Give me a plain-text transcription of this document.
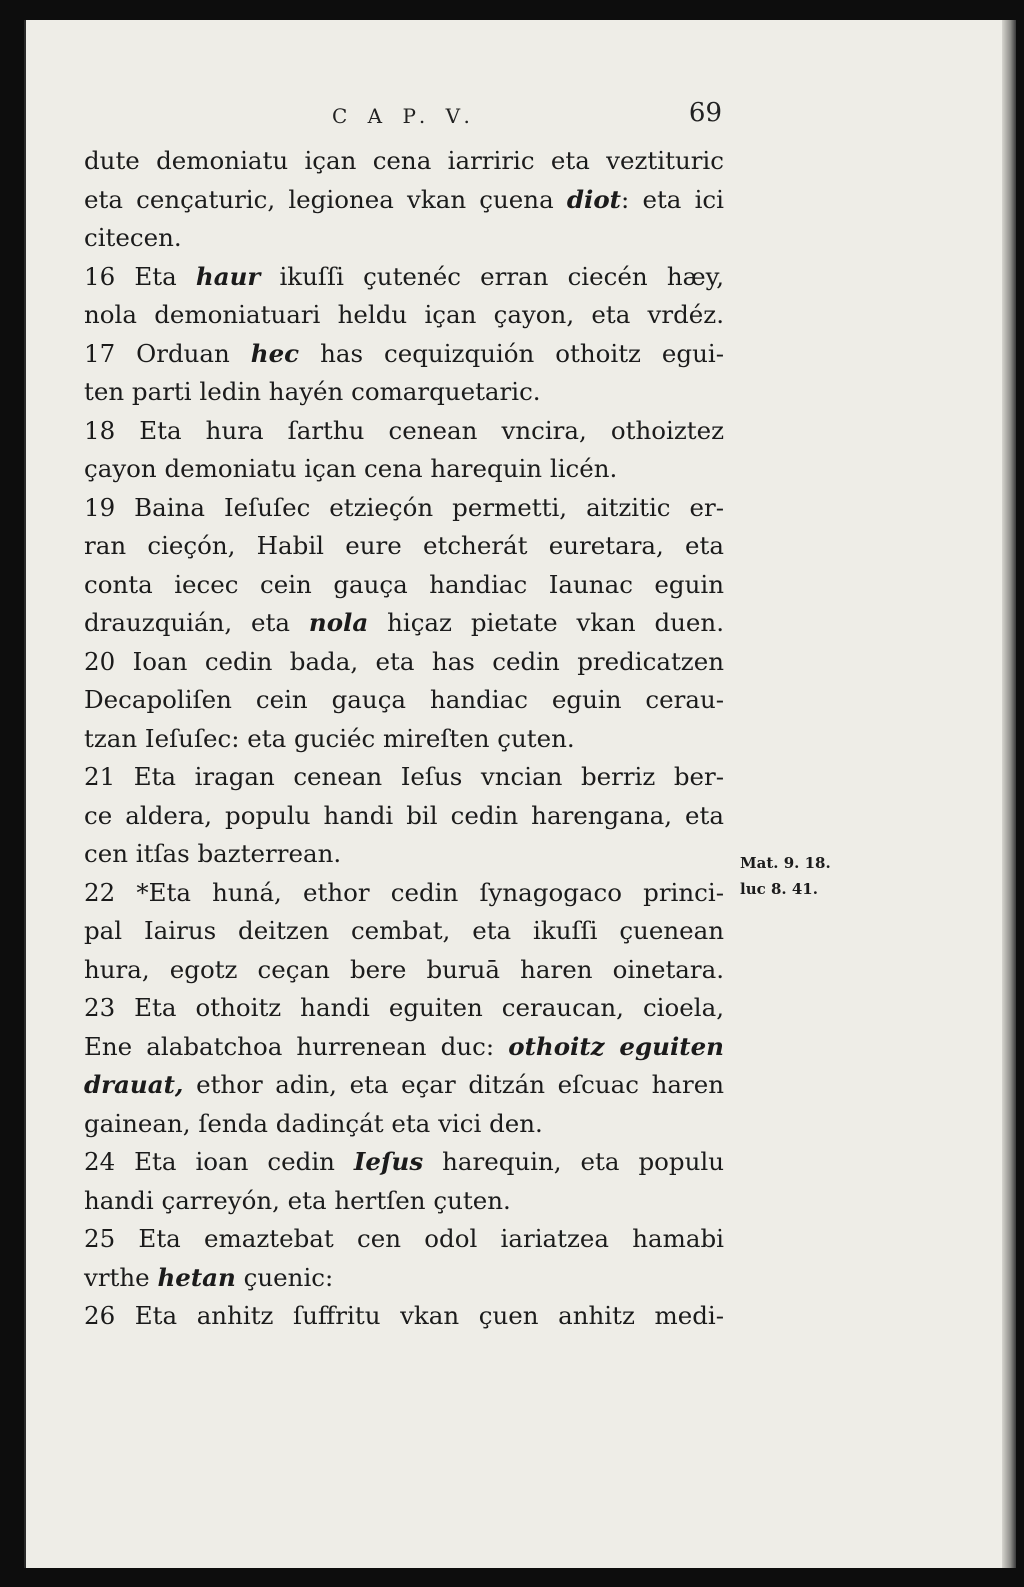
C A P. V.	69
dute demoniatu içan cena iarriric eta veztituric
eta cençaturic, legionea vkan çuena diot: eta ici
citecen.
16 Eta haur ikuſſi çutenéc erran ciecén hæy,
nola demoniatuari heldu içan çayon, eta vrdéz.
17 Orduan hec has cequizquión othoitz egui-
ten parti ledin hayén comarquetaric.
18 Eta hura ſarthu cenean vncira, othoiztez
çayon demoniatu içan cena harequin licén.
19 Baina Ieſuſec etzieçón permetti, aitzitic er-
ran cieçón, Habil eure etcherát euretara, eta
conta iecec cein gauça handiac Iaunac eguin
drauzquián, eta nola hiçaz pietate vkan duen.
20 Ioan cedin bada, eta has cedin predicatzen
Decapoliſen cein gauça handiac eguin cerau-
tzan Ieſuſec: eta guciéc mireſten çuten.
21 Eta iragan cenean Ieſus vncian berriz ber-
ce aldera, populu handi bil cedin harengana, eta
cen itſas bazterrean.
22 *Eta huná, ethor cedin ſynagogaco princi-
pal Iairus deitzen cembat, eta ikuſſi çuenean
hura, egotz ceçan bere buruā haren oinetara.
23 Eta othoitz handi eguiten ceraucan, cioela,
Ene alabatchoa hurrenean duc: othoitz eguiten
drauat, ethor adin, eta eçar ditzán eſcuac haren
gainean, ſenda dadinçát eta vici den.
24 Eta ioan cedin Ieſus harequin, eta populu
handi çarreyón, eta hertſen çuten.
25 Eta emaztebat cen odol iariatzea hamabi
vrthe hetan çuenic:
26 Eta anhitz ſuffritu vkan çuen anhitz medi-
Mat. 9. 18.
luc 8. 41.
